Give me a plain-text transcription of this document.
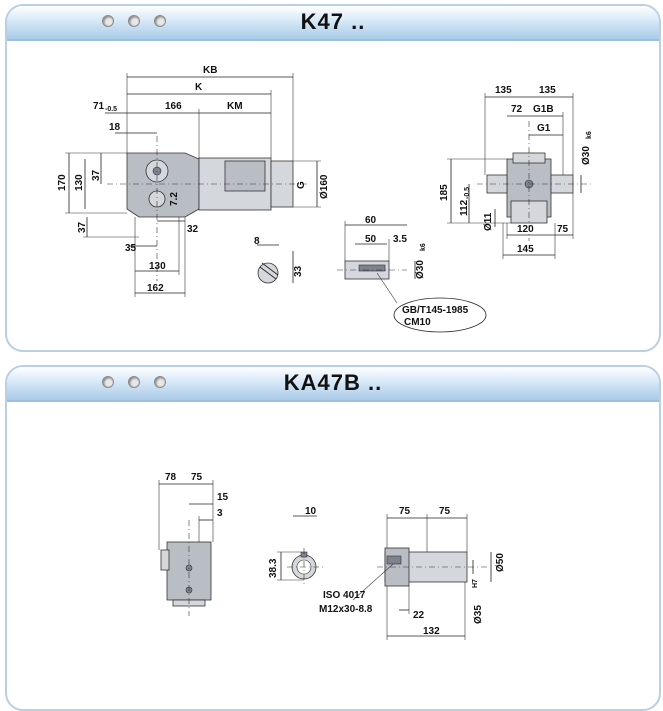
K47 ..
KB
K
71 -0.5	166	KM
18
170 130 37
37
7.2
32
35
130
162
G Ø160
8
33
60
50 3.5
Ø30
k6
GB/T145-1985
CM10
135	135
72 G1B
G1
Ø30
k6
185
112
-0.5
Ø11 120 75
145
KA47B ..
78 75
15
3	10
38.3
75	75
Ø50
Ø35
H7
22
132
ISO 4017
M12x30-8.8
